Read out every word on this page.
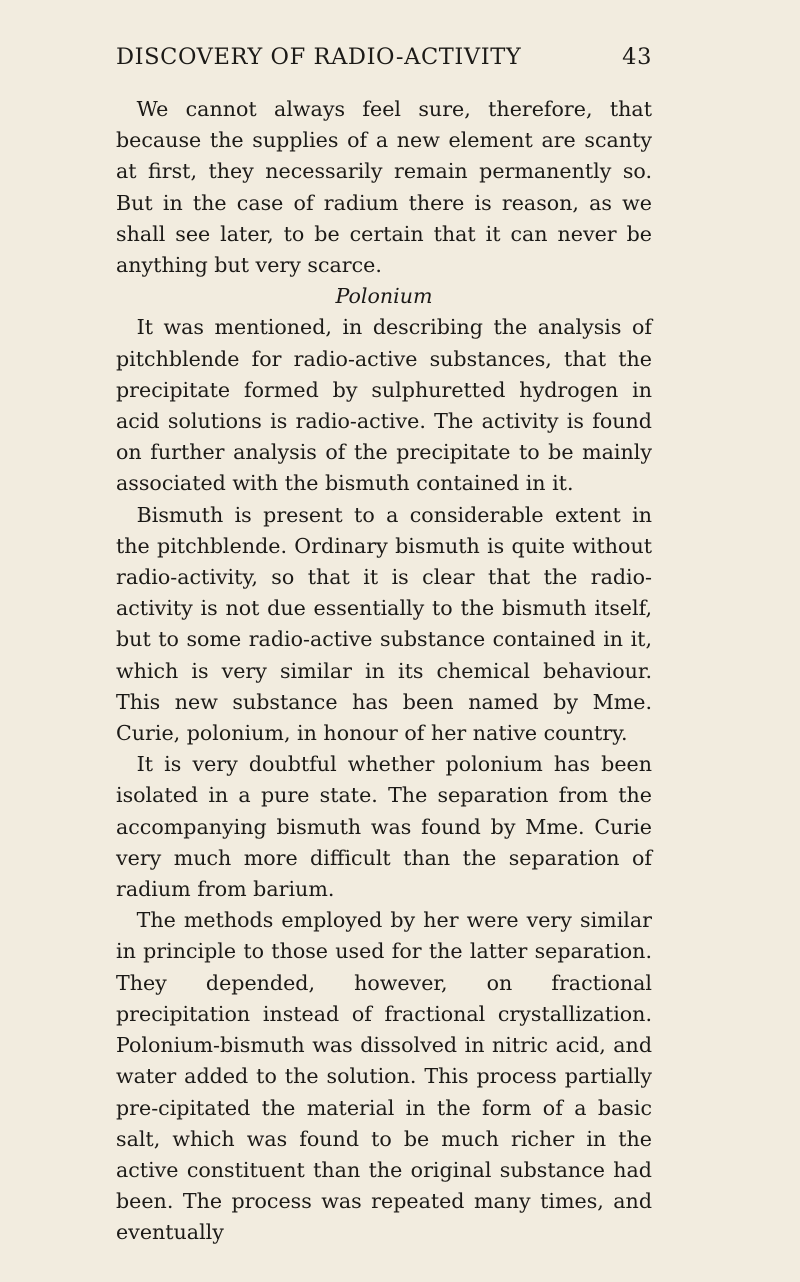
DISCOVERY OF RADIO-ACTIVITY	43

We cannot always feel sure, therefore, that because the supplies of a new element are scanty at first, they necessarily remain permanently so. But in the case of radium there is reason, as we shall see later, to be certain that it can never be anything but very scarce.

Polonium

It was mentioned, in describing the analysis of pitchblende for radio-active substances, that the precipitate formed by sulphuretted hydrogen in acid solutions is radio-active. The activity is found on further analysis of the precipitate to be mainly associated with the bismuth contained in it.

Bismuth is present to a considerable extent in the pitchblende. Ordinary bismuth is quite without radio-activity, so that it is clear that the radio-activity is not due essentially to the bismuth itself, but to some radio-active substance contained in it, which is very similar in its chemical behaviour. This new substance has been named by Mme. Curie, polonium, in honour of her native country.

It is very doubtful whether polonium has been isolated in a pure state. The separation from the accompanying bismuth was found by Mme. Curie very much more difficult than the separation of radium from barium.

The methods employed by her were very similar in principle to those used for the latter separation. They depended, however, on fractional precipitation instead of fractional crystallization. Polonium-bismuth was dissolved in nitric acid, and water added to the solution. This process partially pre-cipitated the material in the form of a basic salt, which was found to be much richer in the active constituent than the original substance had been. The process was repeated many times, and eventually
